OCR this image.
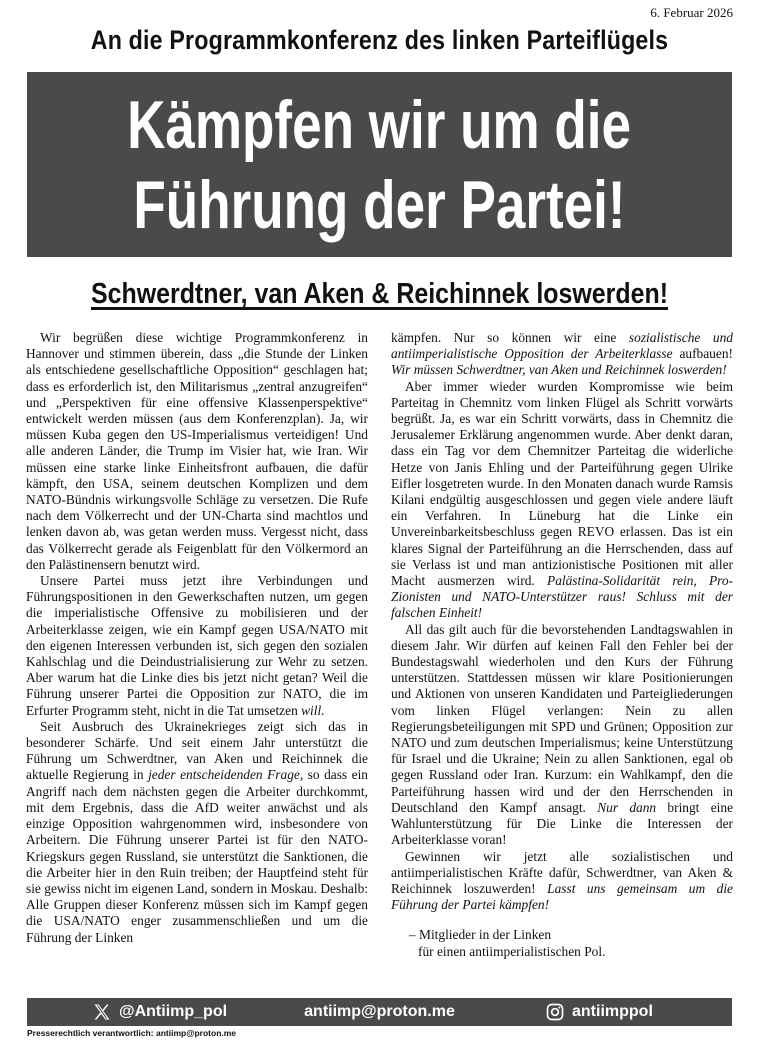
6. Februar 2026
An die Programmkonferenz des linken Parteiflügels
Kämpfen wir um die
Führung der Partei!
Schwerdtner, van Aken & Reichinnek loswerden!

Wir begrüßen diese wichtige Programmkonferenz in Hannover und stimmen überein, dass „die Stunde der Linken als entschiedene gesellschaftliche Opposition“ geschlagen hat; dass es erforderlich ist, den Militarismus „zentral anzugreifen“ und „Perspektiven für eine offensive Klassenperspektive“ entwickelt werden müssen (aus dem Konferenzplan). Ja, wir müssen Kuba gegen den US-Imperialismus verteidigen! Und alle anderen Länder, die Trump im Visier hat, wie Iran. Wir müssen eine starke linke Einheitsfront aufbauen, die dafür kämpft, den USA, seinem deutschen Komplizen und dem NATO-Bündnis wirkungsvolle Schläge zu versetzen. Die Rufe nach dem Völkerrecht und der UN-Charta sind machtlos und lenken davon ab, was getan werden muss. Vergesst nicht, dass das Völkerrecht gerade als Feigenblatt für den Völkermord an den Palästinensern benutzt wird.

Unsere Partei muss jetzt ihre Verbindungen und Führungspositionen in den Gewerkschaften nutzen, um gegen die imperialistische Offensive zu mobilisieren und der Arbeiterklasse zeigen, wie ein Kampf gegen USA/NATO mit den eigenen Interessen verbunden ist, sich gegen den sozialen Kahlschlag und die Deindustrialisierung zur Wehr zu setzen. Aber warum hat die Linke dies bis jetzt nicht getan? Weil die Führung unserer Partei die Opposition zur NATO, die im Erfurter Programm steht, nicht in die Tat umsetzen will.

Seit Ausbruch des Ukrainekrieges zeigt sich das in besonderer Schärfe. Und seit einem Jahr unterstützt die Führung um Schwerdtner, van Aken und Reichinnek die aktuelle Regierung in jeder entscheidenden Frage, so dass ein Angriff nach dem nächsten gegen die Arbeiter durchkommt, mit dem Ergebnis, dass die AfD weiter anwächst und als einzige Opposition wahrgenommen wird, insbesondere von Arbeitern. Die Führung unserer Partei ist für den NATO-Kriegskurs gegen Russland, sie unterstützt die Sanktionen, die die Arbeiter hier in den Ruin treiben; der Hauptfeind steht für sie gewiss nicht im eigenen Land, sondern in Moskau. Deshalb: Alle Gruppen dieser Konferenz müssen sich im Kampf gegen die USA/NATO enger zusammenschließen und um die Führung der Linken

kämpfen. Nur so können wir eine sozialistische und antiimperialistische Opposition der Arbeiterklasse aufbauen! Wir müssen Schwerdtner, van Aken und Reichinnek loswerden!

Aber immer wieder wurden Kompromisse wie beim Parteitag in Chemnitz vom linken Flügel als Schritt vorwärts begrüßt. Ja, es war ein Schritt vorwärts, dass in Chemnitz die Jerusalemer Erklärung angenommen wurde. Aber denkt daran, dass ein Tag vor dem Chemnitzer Parteitag die widerliche Hetze von Janis Ehling und der Parteiführung gegen Ulrike Eifler losgetreten wurde. In den Monaten danach wurde Ramsis Kilani endgültig ausgeschlossen und gegen viele andere läuft ein Verfahren. In Lüneburg hat die Linke ein Unvereinbarkeitsbeschluss gegen REVO erlassen. Das ist ein klares Signal der Parteiführung an die Herrschenden, dass auf sie Verlass ist und man antizionistische Positionen mit aller Macht ausmerzen wird. Palästina-Solidarität rein, Pro-Zionisten und NATO-Unterstützer raus! Schluss mit der falschen Einheit!

All das gilt auch für die bevorstehenden Landtagswahlen in diesem Jahr. Wir dürfen auf keinen Fall den Fehler bei der Bundestagswahl wiederholen und den Kurs der Führung unterstützen. Stattdessen müssen wir klare Positionierungen und Aktionen von unseren Kandidaten und Parteigliederungen vom linken Flügel verlangen: Nein zu allen Regierungsbeteiligungen mit SPD und Grünen; Opposition zur NATO und zum deutschen Imperialismus; keine Unterstützung für Israel und die Ukraine; Nein zu allen Sanktionen, egal ob gegen Russland oder Iran. Kurzum: ein Wahlkampf, den die Parteiführung hassen wird und der den Herrschenden in Deutschland den Kampf ansagt. Nur dann bringt eine Wahlunterstützung für Die Linke die Interessen der Arbeiterklasse voran!

Gewinnen wir jetzt alle sozialistischen und antiimperialistischen Kräfte dafür, Schwerdtner, van Aken & Reichinnek loszuwerden! Lasst uns gemeinsam um die Führung der Partei kämpfen!

– Mitglieder in der Linken
für einen antiimperialistischen Pol.
antiimp@proton.me
@Antiimp_pol	antiimppol
Presserechtlich verantwortlich: antiimp@proton.me
